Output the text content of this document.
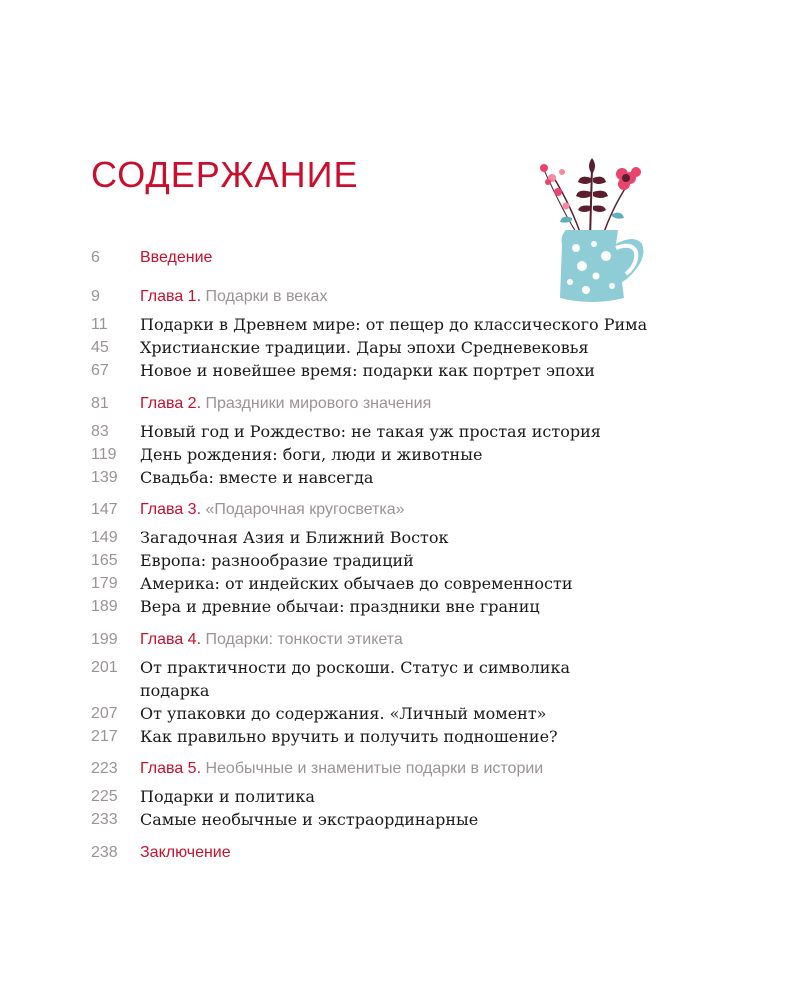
СОДЕРЖАНИЕ
6	Введение
9	Глава 1. Подарки в веках
11 Подарки в Древнем мире: от пещер до классического Рима
45 Христианские традиции. Дары эпохи Средневековья
67 Новое и новейшее время: подарки как портрет эпохи
81 Глава 2. Праздники мирового значения
83 Новый год и Рождество: не такая уж простая история
119 День рождения: боги, люди и животные
139 Свадьба: вместе и навсегда
147 Глава 3. «Подарочная кругосветка»
149 Загадочная Азия и Ближний Восток
165 Европа: разнообразие традиций
179 Америка: от индейских обычаев до современности
189 Вера и древние обычаи: праздники вне границ
199 Глава 4. Подарки: тонкости этикета
201 От практичности до роскоши. Статус и символика
подарка
207 От упаковки до содержания. «Личный момент»
217 Как правильно вручить и получить подношение?
223 Глава 5. Необычные и знаменитые подарки в истории
225 Подарки и политика
233 Самые необычные и экстраординарные
238 Заключение
